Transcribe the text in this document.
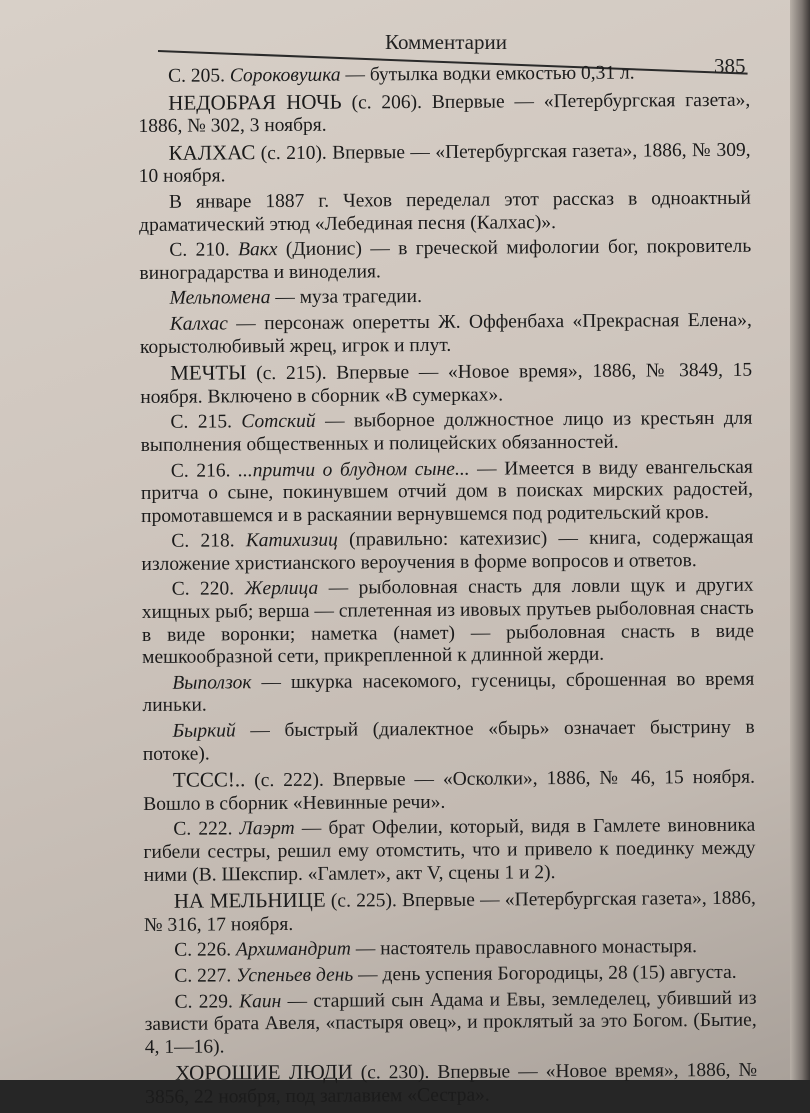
Комментарии
385

С. 205. Сороковушка — бутылка водки емкостью 0,31 л.

НЕДОБРАЯ НОЧЬ (с. 206). Впервые — «Петербургская газета», 1886, № 302, 3 ноября.

КАЛХАС (с. 210). Впервые — «Петербургская газета», 1886, № 309, 10 ноября.

В январе 1887 г. Чехов переделал этот рассказ в одноактный драматический этюд «Лебединая песня (Калхас)».

С. 210. Вакх (Дионис) — в греческой мифологии бог, покровитель виноградарства и виноделия.

Мельпомена — муза трагедии.

Калхас — персонаж оперетты Ж. Оффенбаха «Прекрасная Елена», корыстолюбивый жрец, игрок и плут.

МЕЧТЫ (с. 215). Впервые — «Новое время», 1886, № 3849, 15 ноября. Включено в сборник «В сумерках».

С. 215. Сотский — выборное должностное лицо из крестьян для выполнения общественных и полицейских обязанностей.

С. 216. ...притчи о блудном сыне... — Имеется в виду евангельская притча о сыне, покинувшем отчий дом в поисках мирских радостей, промотавшемся и в раскаянии вернувшемся под родительский кров.

С. 218. Катихизиц (правильно: катехизис) — книга, содержащая изложение христианского вероучения в форме вопросов и ответов.

С. 220. Жерлица — рыболовная снасть для ловли щук и других хищных рыб; верша — сплетенная из ивовых прутьев рыболовная снасть в виде воронки; наметка (намет) — рыболовная снасть в виде мешкообразной сети, прикрепленной к длинной жерди.

Выползок — шкурка насекомого, гусеницы, сброшенная во время линьки.

Быркий — быстрый (диалектное «бырь» означает быстрину в потоке).

ТССС!.. (с. 222). Впервые — «Осколки», 1886, № 46, 15 ноября. Вошло в сборник «Невинные речи».

С. 222. Лаэрт — брат Офелии, который, видя в Гамлете виновника гибели сестры, решил ему отомстить, что и привело к поединку между ними (В. Шекспир. «Гамлет», акт V, сцены 1 и 2).

НА МЕЛЬНИЦЕ (с. 225). Впервые — «Петербургская газета», 1886, № 316, 17 ноября.

С. 226. Архимандрит — настоятель православного монастыря.

С. 227. Успеньев день — день успения Богородицы, 28 (15) августа.

С. 229. Каин — старший сын Адама и Евы, земледелец, убивший из зависти брата Авеля, «пастыря овец», и проклятый за это Богом. (Бытие, 4, 1—16).

ХОРОШИЕ ЛЮДИ (с. 230). Впервые — «Новое время», 1886, № 3856, 22 ноября, под заглавием «Сестра».
